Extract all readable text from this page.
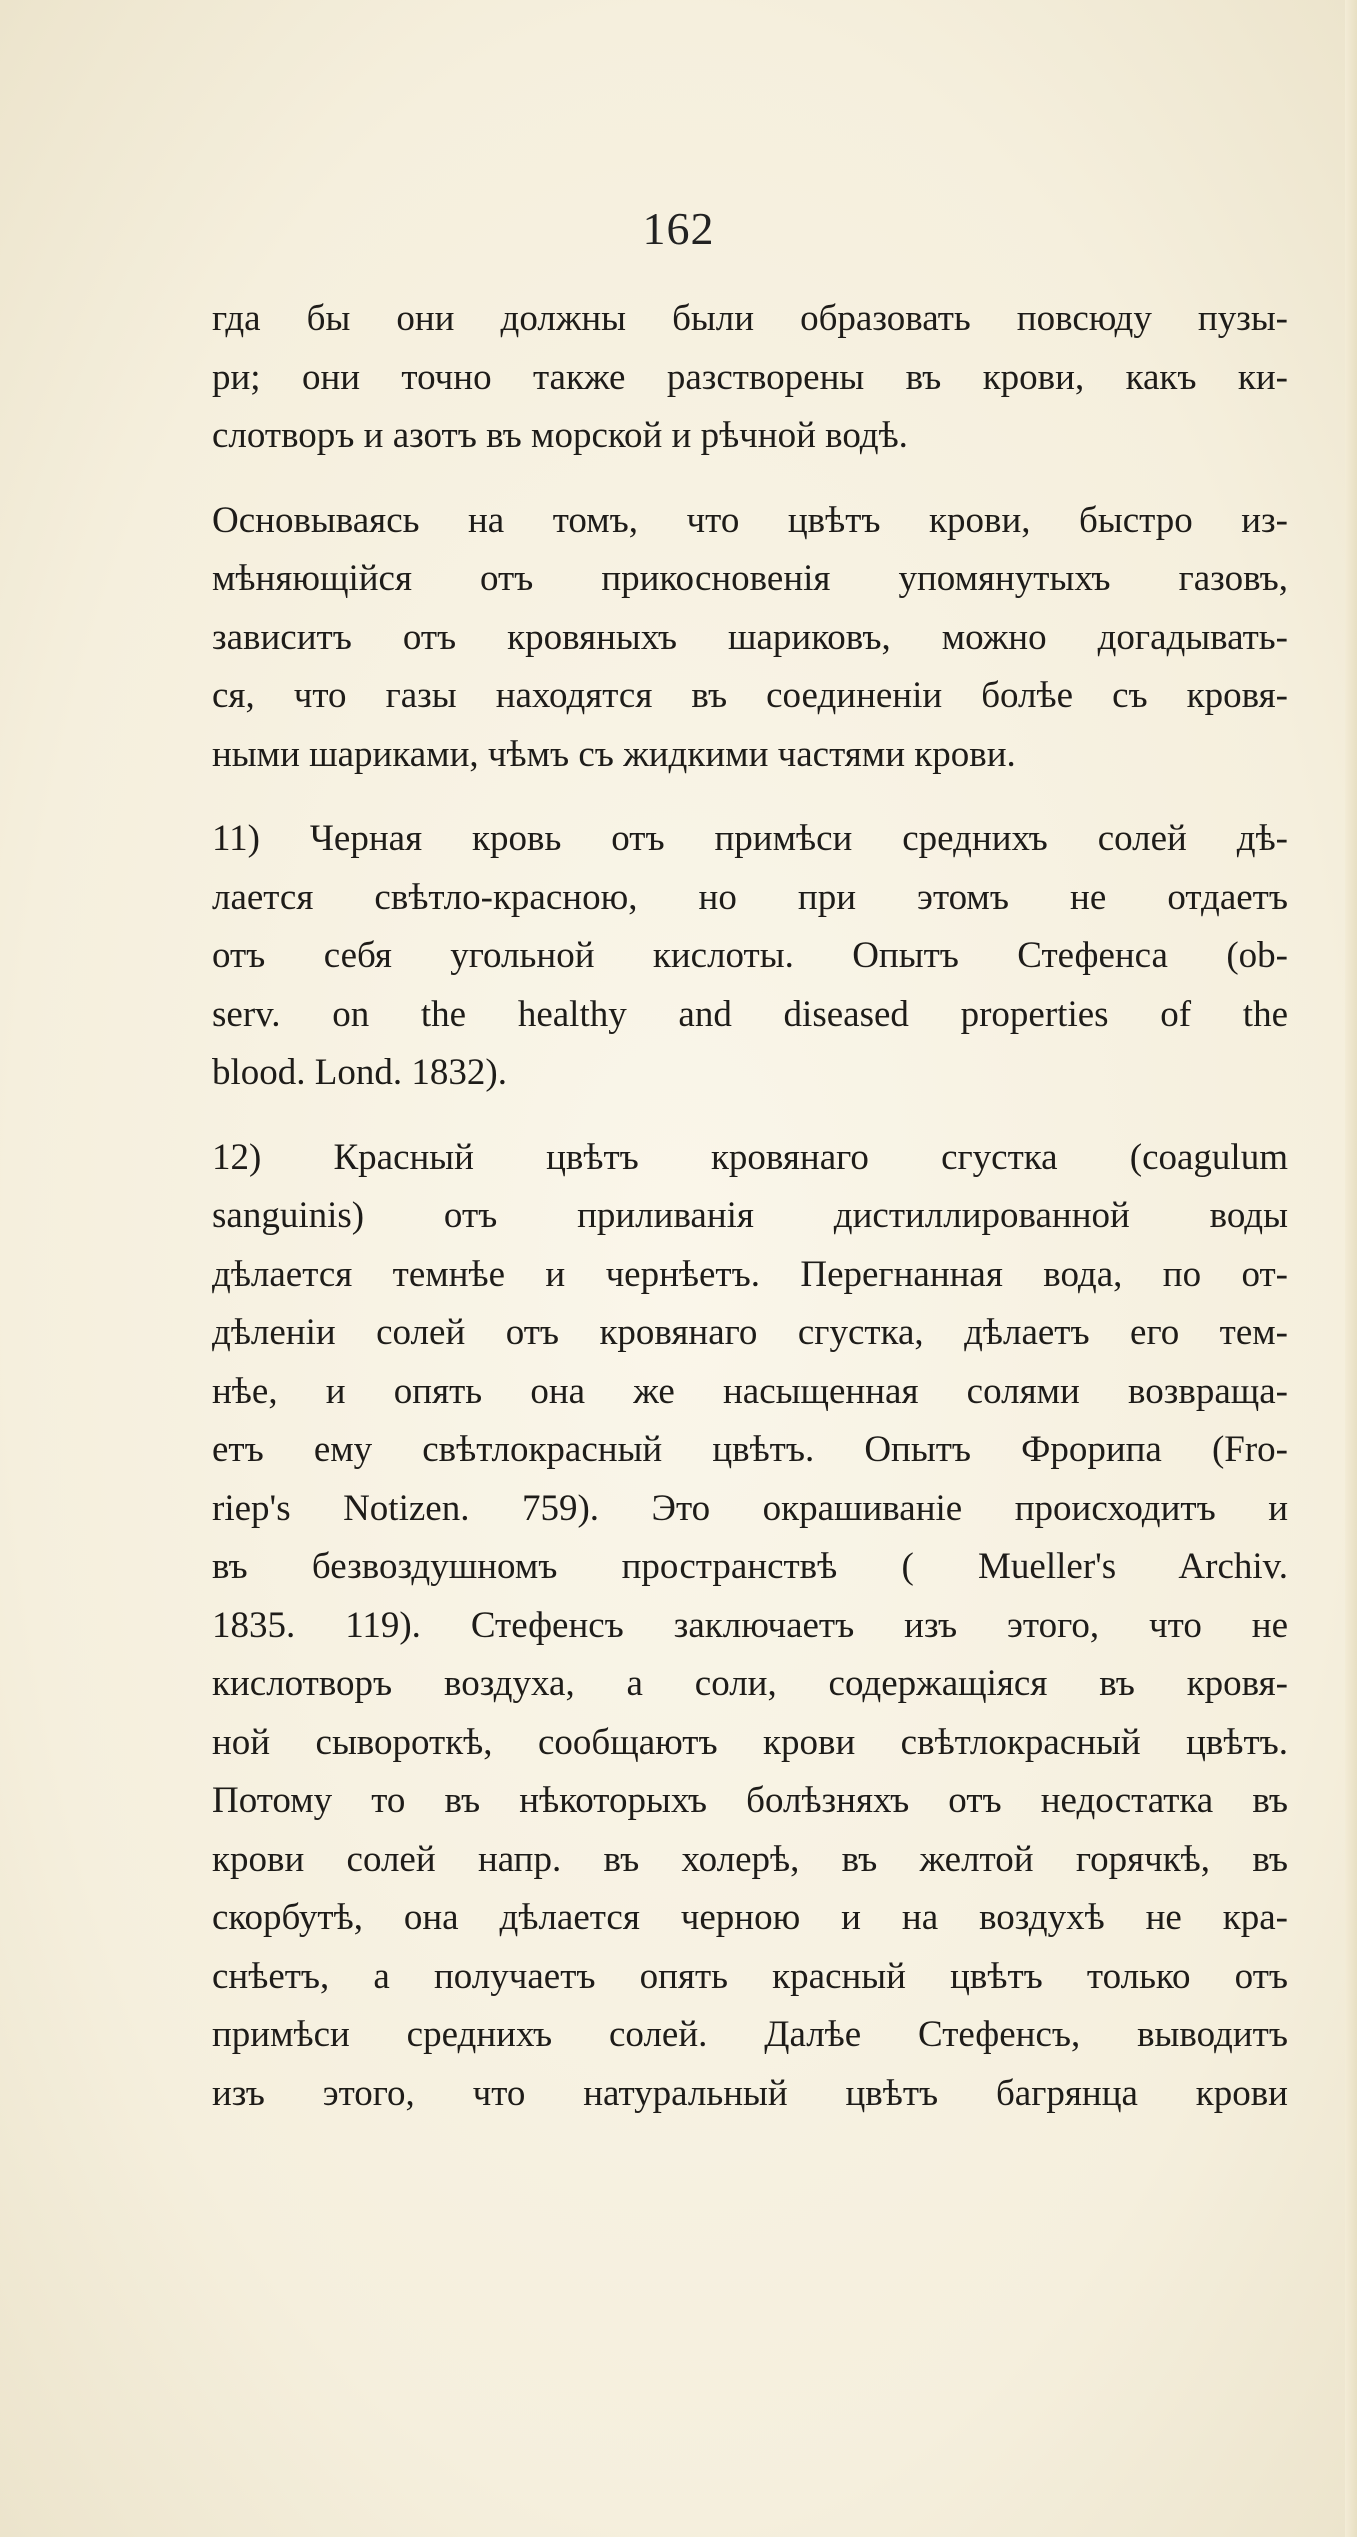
162
гда бы они должны были образовать повсюду пузы-
ри; они точно также разстворены въ крови, какъ ки-
слотворъ и азотъ въ морской и рѣчной водѣ.
Основываясь на томъ, что цвѣтъ крови, быстро из-
мѣняющiйся отъ прикосновенiя упомянутыхъ газовъ,
зависитъ отъ кровяныхъ шариковъ, можно догадывать-
ся, что газы находятся въ соединенiи болѣе съ кровя-
ными шариками, чѣмъ съ жидкими частями крови.
11) Черная кровь отъ примѣси среднихъ солей дѣ-
лается свѣтло-красною, но при этомъ не отдаетъ
отъ себя угольной кислоты. Опытъ Стефенса (ob-
serv. on the healthy and diseased properties of the
blood. Lond. 1832).
12) Красный цвѣтъ кровянаго сгустка (coagulum
sanguinis) отъ приливанiя дистиллированной воды
дѣлается темнѣе и чернѣетъ. Перегнанная вода, по от-
дѣленiи солей отъ кровянаго сгустка, дѣлаетъ его тем-
нѣе, и опять она же насыщенная солями возвраща-
етъ ему свѣтлокрасный цвѣтъ. Опытъ Фрорипа (Fro-
riep's Notizen. 759). Это окрашиванiе происходитъ и
въ безвоздушномъ пространствѣ ( Mueller's Archiv.
1835. 119). Стефенсъ заключаетъ изъ этого, что не
кислотворъ воздуха, а соли, содержащiяся въ кровя-
ной сывороткѣ, сообщаютъ крови свѣтлокрасный цвѣтъ.
Потому то въ нѣкоторыхъ болѣзняхъ отъ недостатка въ
крови солей напр. въ холерѣ, въ желтой горячкѣ, въ
скорбутѣ, она дѣлается черною и на воздухѣ не кра-
снѣетъ, а получаетъ опять красный цвѣтъ только отъ
примѣси среднихъ солей. Далѣе Стефенсъ, выводитъ
изъ этого, что натуральный цвѣтъ багрянца крови
